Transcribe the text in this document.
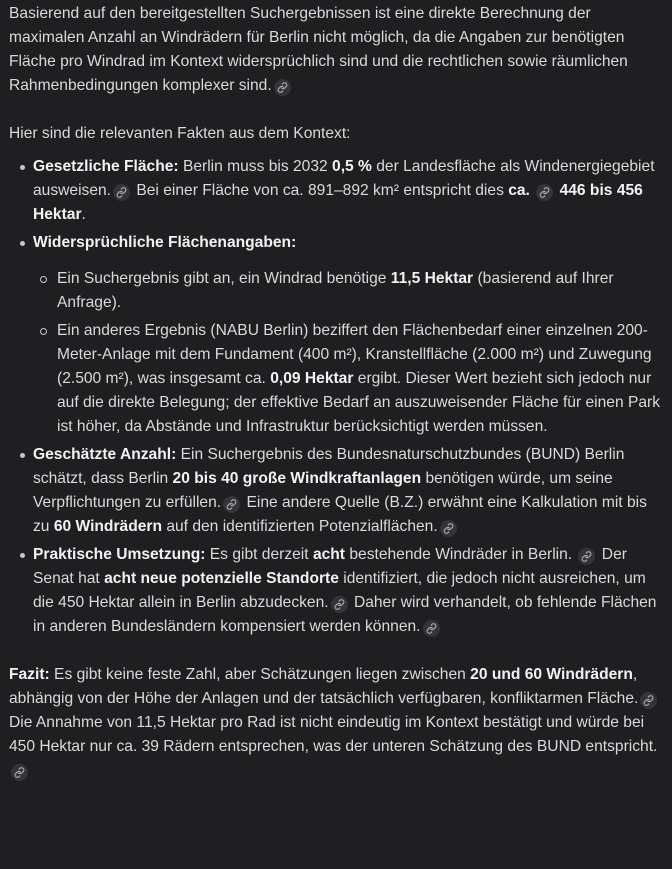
Basierend auf den bereitgestellten Suchergebnissen ist eine direkte Berechnung der maximalen Anzahl an Windrädern für Berlin nicht möglich, da die Angaben zur benötigten Fläche pro Windrad im Kontext widersprüchlich sind und die rechtlichen sowie räumlichen Rahmenbedingungen komplexer sind.

Hier sind die relevanten Fakten aus dem Kontext:

Gesetzliche Fläche: Berlin muss bis 2032 0,5 % der Landesfläche als Windenergiegebiet ausweisen.
Bei einer Fläche von ca. 891–892 km² entspricht dies ca. 446 bis 456 Hektar.
Widersprüchliche Flächenangaben:
Ein Suchergebnis gibt an, ein Windrad benötige 11,5 Hektar (basierend auf Ihrer Anfrage).
Ein anderes Ergebnis (NABU Berlin) beziffert den Flächenbedarf einer einzelnen 200-Meter-Anlage mit dem Fundament (400 m²), Kranstellfläche (2.000 m²) und Zuwegung (2.500 m²), was insgesamt ca. 0,09 Hektar ergibt. Dieser Wert bezieht sich jedoch nur auf die direkte Belegung; der effektive Bedarf an auszuweisender Fläche für einen Park ist höher, da Abstände und Infrastruktur berücksichtigt werden müssen.
Geschätzte Anzahl: Ein Suchergebnis des Bundesnaturschutzbundes (BUND) Berlin schätzt, dass Berlin 20 bis 40 große Windkraftanlagen benötigen würde, um seine Verpflichtungen zu erfüllen.
Eine andere Quelle (B.Z.) erwähnt eine Kalkulation mit bis zu 60 Windrädern auf den identifizierten Potenzialflächen.
Praktische Umsetzung: Es gibt derzeit acht bestehende Windräder in Berlin.
Der Senat hat acht neue potenzielle Standorte identifiziert, die jedoch nicht ausreichen, um die 450 Hektar allein in Berlin abzudecken.
Daher wird verhandelt, ob fehlende Flächen in anderen Bundesländern kompensiert werden können.

Fazit: Es gibt keine feste Zahl, aber Schätzungen liegen zwischen 20 und 60 Windrädern, abhängig von der Höhe der Anlagen und der tatsächlich verfügbaren, konfliktarmen Fläche.
Die Annahme von 11,5 Hektar pro Rad ist nicht eindeutig im Kontext bestätigt und würde bei 450 Hektar nur ca. 39 Rädern entsprechen, was der unteren Schätzung des BUND entspricht.
